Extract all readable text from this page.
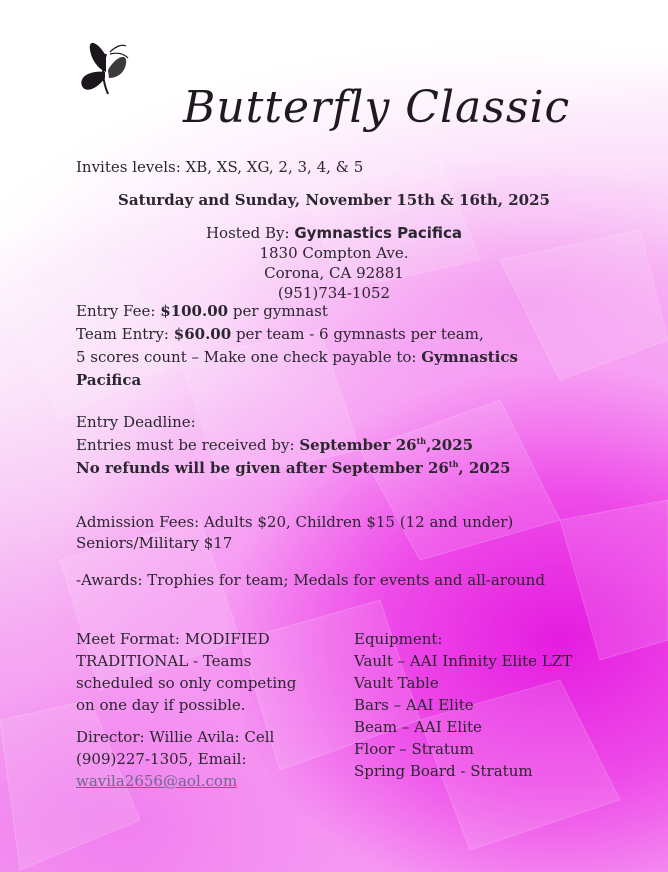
Butterfly Classic
Invites levels: XB, XS, XG, 2, 3, 4, & 5
Saturday and Sunday, November 15th & 16th, 2025
Hosted By: Gymnastics Pacifica
1830 Compton Ave.
Corona, CA 92881
(951)734-1052
Entry Fee: $100.00 per gymnast
Team Entry: $60.00 per team - 6 gymnasts per team,
5 scores count – Make one check payable to: Gymnastics
Pacifica
Entry Deadline:
Entries must be received by: September 26th,2025
No refunds will be given after September 26th, 2025
Admission Fees: Adults $20, Children $15 (12 and under)
Seniors/Military $17
-Awards: Trophies for team; Medals for events and all-around
Meet Format: MODIFIED
TRADITIONAL - Teams
scheduled so only competing
on one day if possible.
Director: Willie Avila: Cell
(909)227-1305, Email:
wavila2656@aol.com
Equipment:
Vault – AAI Infinity Elite LZT
Vault Table
Bars – AAI Elite
Beam – AAI Elite
Floor – Stratum
Spring Board - Stratum
